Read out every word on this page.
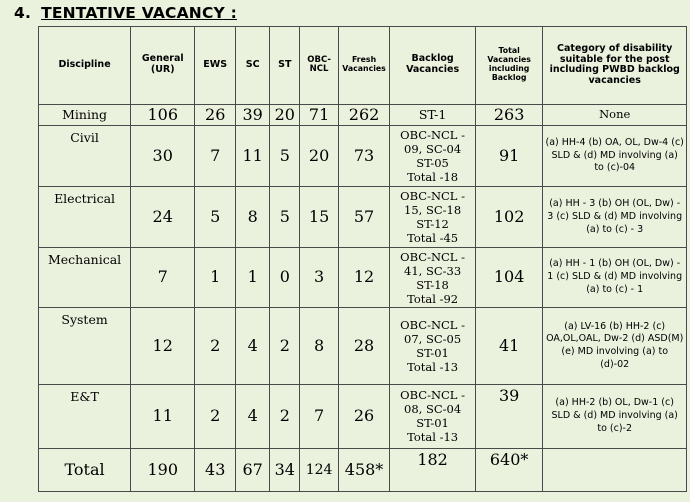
4. TENTATIVE VACANCY :
Discipline	General (UR)	EWS	SC	ST	OBC-NCL	Fresh Vacancies	Backlog Vacancies	Total Vacancies including Backlog	Category of disability suitable for the post including PWBD backlog vacancies
Mining	106	26	39	20	71	262	ST-1	263	None
Civil	30	7	11	5	20	73	OBC-NCL -
09, SC-04
ST-05
Total -18	91	(a) HH-4 (b) OA, OL, Dw-4 (c) SLD & (d) MD involving (a) to (c)-04
Electrical	24	5	8	5	15	57	OBC-NCL -
15, SC-18
ST-12
Total -45	102	(a) HH - 3 (b) OH (OL, Dw) - 3 (c) SLD & (d) MD involving (a) to (c) - 3
Mechanical	7	1	1	0	3	12	OBC-NCL -
41, SC-33
ST-18
Total -92	104	(a) HH - 1 (b) OH (OL, Dw) - 1 (c) SLD & (d) MD involving (a) to (c) - 1
System	12	2	4	2	8	28	OBC-NCL -
07, SC-05
ST-01
Total -13	41	(a) LV-16 (b) HH-2 (c) OA,OL,OAL, Dw-2 (d) ASD(M) (e) MD involving (a) to (d)-02
E&T	11	2	4	2	7	26	OBC-NCL -
08, SC-04
ST-01
Total -13	39	(a) HH-2 (b) OL, Dw-1 (c) SLD & (d) MD involving (a) to (c)-2
Total	190	43	67	34	124	458*	182	640*	
